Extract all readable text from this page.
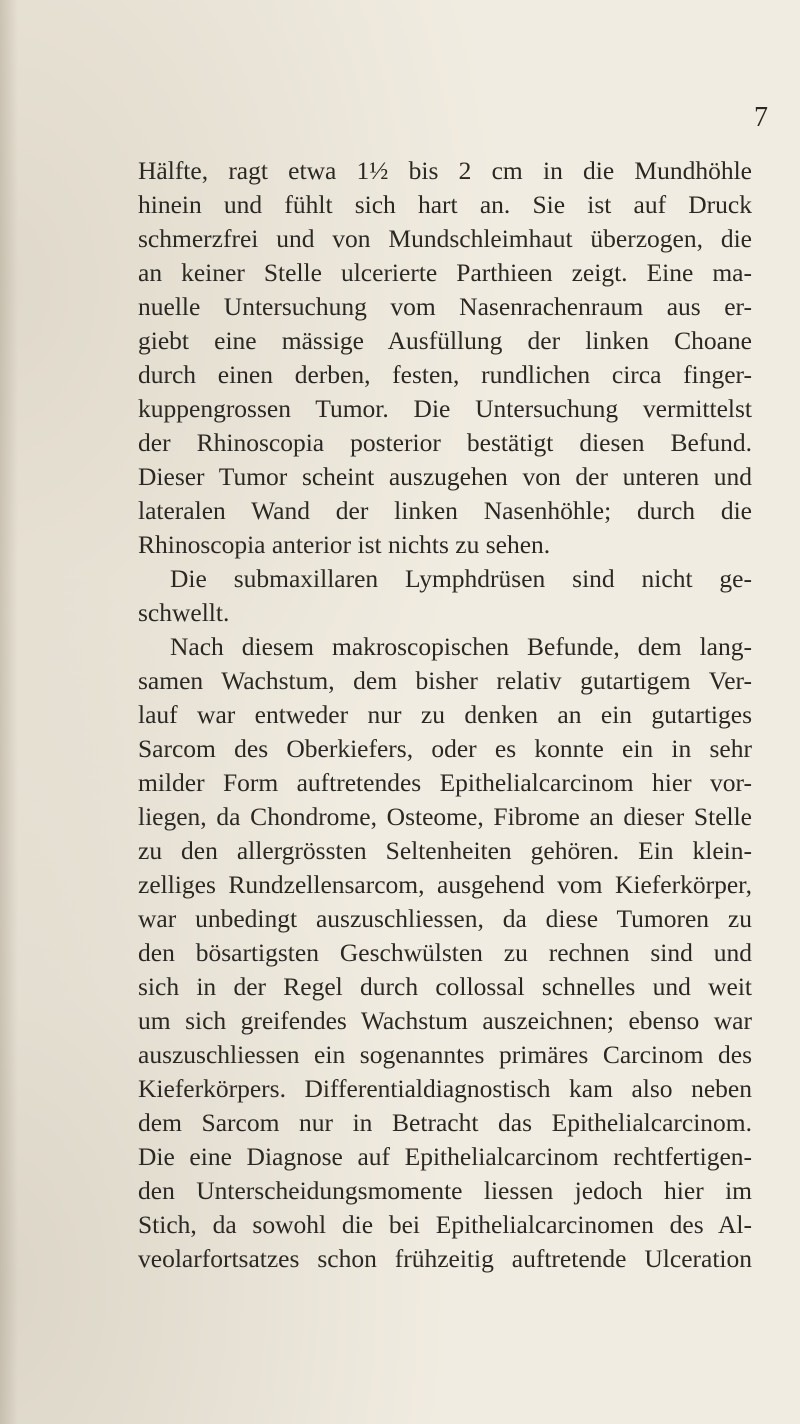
7
Hälfte, ragt etwa 1½ bis 2 cm in die Mundhöhle
hinein und fühlt sich hart an. Sie ist auf Druck
schmerzfrei und von Mundschleimhaut überzogen, die
an keiner Stelle ulcerierte Parthieen zeigt. Eine ma-
nuelle Untersuchung vom Nasenrachenraum aus er-
giebt eine mässige Ausfüllung der linken Choane
durch einen derben, festen, rundlichen circa finger-
kuppengrossen Tumor. Die Untersuchung vermittelst
der Rhinoscopia posterior bestätigt diesen Befund.
Dieser Tumor scheint auszugehen von der unteren und
lateralen Wand der linken Nasenhöhle; durch die
Rhinoscopia anterior ist nichts zu sehen.
Die submaxillaren Lymphdrüsen sind nicht ge-
schwellt.
Nach diesem makroscopischen Befunde, dem lang-
samen Wachstum, dem bisher relativ gutartigem Ver-
lauf war entweder nur zu denken an ein gutartiges
Sarcom des Oberkiefers, oder es konnte ein in sehr
milder Form auftretendes Epithelialcarcinom hier vor-
liegen, da Chondrome, Osteome, Fibrome an dieser Stelle
zu den allergrössten Seltenheiten gehören. Ein klein-
zelliges Rundzellensarcom, ausgehend vom Kieferkörper,
war unbedingt auszuschliessen, da diese Tumoren zu
den bösartigsten Geschwülsten zu rechnen sind und
sich in der Regel durch collossal schnelles und weit
um sich greifendes Wachstum auszeichnen; ebenso war
auszuschliessen ein sogenanntes primäres Carcinom des
Kieferkörpers. Differentialdiagnostisch kam also neben
dem Sarcom nur in Betracht das Epithelialcarcinom.
Die eine Diagnose auf Epithelialcarcinom rechtfertigen-
den Unterscheidungsmomente liessen jedoch hier im
Stich, da sowohl die bei Epithelialcarcinomen des Al-
veolarfortsatzes schon frühzeitig auftretende Ulceration
